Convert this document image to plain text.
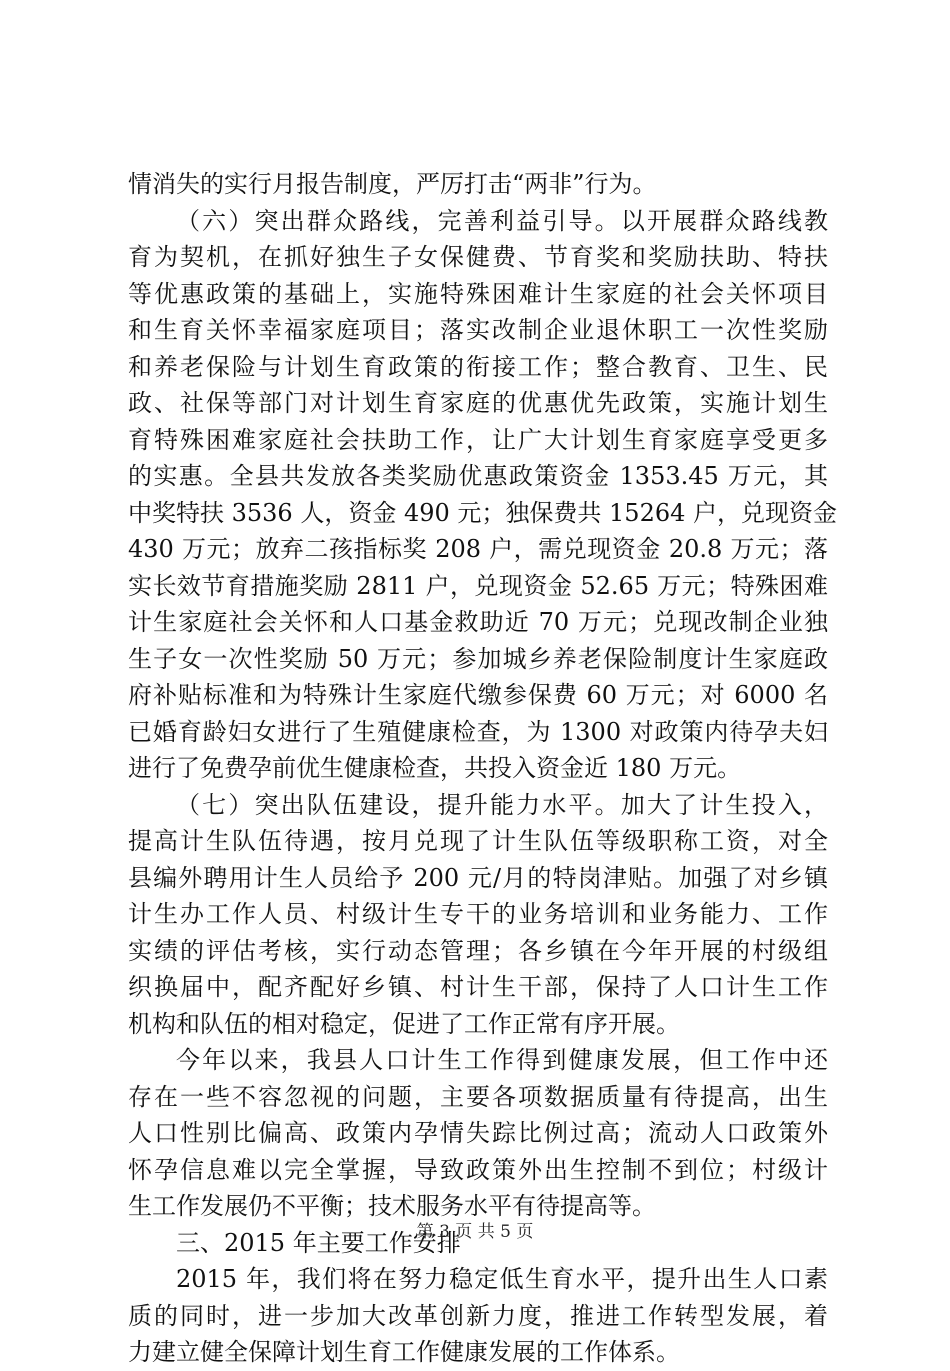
情消失的实行月报告制度，严厉打击“两非”行为。
（六）突出群众路线，完善利益引导。以开展群众路线教
育为契机，在抓好独生子女保健费、节育奖和奖励扶助、特扶
等优惠政策的基础上，实施特殊困难计生家庭的社会关怀项目
和生育关怀幸福家庭项目；落实改制企业退休职工一次性奖励
和养老保险与计划生育政策的衔接工作；整合教育、卫生、民
政、社保等部门对计划生育家庭的优惠优先政策，实施计划生
育特殊困难家庭社会扶助工作，让广大计划生育家庭享受更多
的实惠。全县共发放各类奖励优惠政策资金 1353.45 万元，其
中奖特扶 3536 人，资金 490 元；独保费共 15264 户，兑现资金
430 万元；放弃二孩指标奖 208 户，需兑现资金 20.8 万元；落
实长效节育措施奖励 2811 户，兑现资金 52.65 万元；特殊困难
计生家庭社会关怀和人口基金救助近 70 万元；兑现改制企业独
生子女一次性奖励 50 万元；参加城乡养老保险制度计生家庭政
府补贴标准和为特殊计生家庭代缴参保费 60 万元；对 6000 名
已婚育龄妇女进行了生殖健康检查，为 1300 对政策内待孕夫妇
进行了免费孕前优生健康检查，共投入资金近 180 万元。
（七）突出队伍建设，提升能力水平。加大了计生投入，
提高计生队伍待遇，按月兑现了计生队伍等级职称工资，对全
县编外聘用计生人员给予 200 元/月的特岗津贴。加强了对乡镇
计生办工作人员、村级计生专干的业务培训和业务能力、工作
实绩的评估考核，实行动态管理；各乡镇在今年开展的村级组
织换届中，配齐配好乡镇、村计生干部，保持了人口计生工作
机构和队伍的相对稳定，促进了工作正常有序开展。
今年以来，我县人口计生工作得到健康发展，但工作中还
存在一些不容忽视的问题，主要各项数据质量有待提高，出生
人口性别比偏高、政策内孕情失踪比例过高；流动人口政策外
怀孕信息难以完全掌握，导致政策外出生控制不到位；村级计
生工作发展仍不平衡；技术服务水平有待提高等。
三、2015 年主要工作安排
2015 年，我们将在努力稳定低生育水平，提升出生人口素
质的同时，进一步加大改革创新力度，推进工作转型发展，着
力建立健全保障计划生育工作健康发展的工作体系。
第 3 页 共 5 页
